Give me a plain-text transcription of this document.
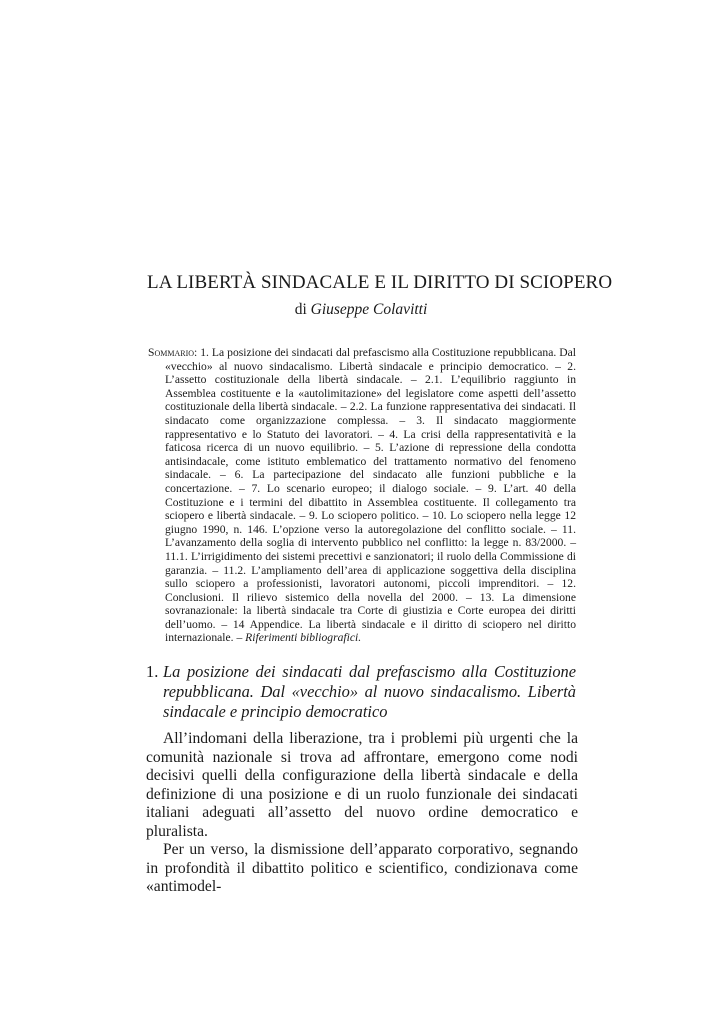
LA LIBERTÀ SINDACALE E IL DIRITTO DI SCIOPERO
di Giuseppe Colavitti
Sommario: 1. La posizione dei sindacati dal prefascismo alla Costituzione repubblicana. Dal «vecchio» al nuovo sindacalismo. Libertà sindacale e principio democratico. – 2. L’assetto costituzionale della libertà sindacale. – 2.1. L’equilibrio raggiunto in Assemblea costituente e la «autolimitazione» del legislatore come aspetti dell’assetto costituzionale della libertà sindacale. – 2.2. La funzione rappresentativa dei sindacati. Il sindacato come organizzazione complessa. – 3. Il sindacato maggiormente rappresentativo e lo Statuto dei lavoratori. – 4. La crisi della rappresentatività e la faticosa ricerca di un nuovo equilibrio. – 5. L’azione di repressione della condotta antisindacale, come istituto emblematico del trattamento normativo del fenomeno sindacale. – 6. La partecipazione del sindacato alle funzioni pubbliche e la concertazione. – 7. Lo scenario europeo; il dialogo sociale. – 9. L’art. 40 della Costituzione e i termini del dibattito in Assemblea costituente. Il collegamento tra sciopero e libertà sindacale. – 9. Lo sciopero politico. – 10. Lo sciopero nella legge 12 giugno 1990, n. 146. L’opzione verso la autoregolazione del conflitto sociale. – 11. L’avanzamento della soglia di intervento pubblico nel conflitto: la legge n. 83/2000. – 11.1. L’irrigidimento dei sistemi precettivi e sanzionatori; il ruolo della Commissione di garanzia. – 11.2. L’ampliamento dell’area di applicazione soggettiva della disciplina sullo sciopero a professionisti, lavoratori autonomi, piccoli imprenditori. – 12. Conclusioni. Il rilievo sistemico della novella del 2000. – 13. La dimensione sovranazionale: la libertà sindacale tra Corte di giustizia e Corte europea dei diritti dell’uomo. – 14 Appendice. La libertà sindacale e il diritto di sciopero nel diritto internazionale. – Riferimenti bibliografici.
1. La posizione dei sindacati dal prefascismo alla Costituzione repubblicana. Dal «vecchio» al nuovo sindacalismo. Libertà sindacale e principio democratico

All’indomani della liberazione, tra i problemi più urgenti che la comunità nazionale si trova ad affrontare, emergono come nodi decisivi quelli della configurazione della libertà sindacale e della definizione di una posizione e di un ruolo funzionale dei sindacati italiani adeguati all’assetto del nuovo ordine democratico e pluralista.

Per un verso, la dismissione dell’apparato corporativo, segnando in profondità il dibattito politico e scientifico, condizionava come «antimodel-
